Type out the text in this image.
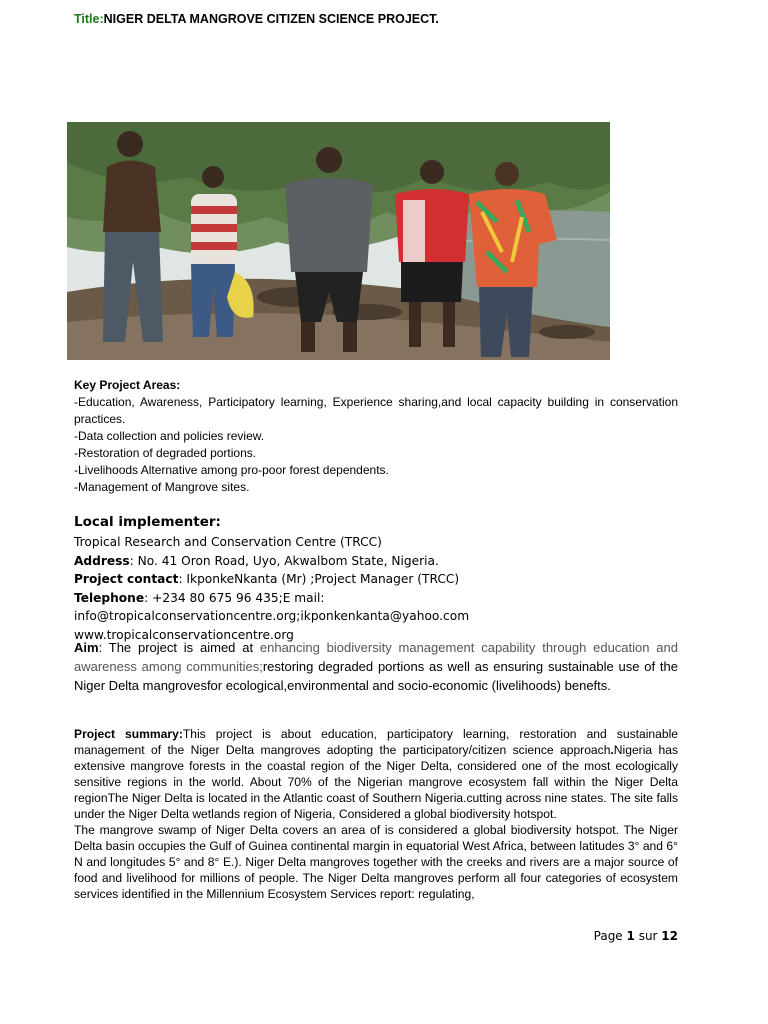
Title:NIGER DELTA MANGROVE CITIZEN SCIENCE PROJECT.
Key Project Areas:
-Education, Awareness, Participatory learning, Experience sharing,and local capacity building in conservation practices.
-Data collection and policies review.
-Restoration of degraded portions.
-Livelihoods Alternative among pro-poor forest dependents.
-Management of Mangrove sites.
Local implementer:
Tropical Research and Conservation Centre (TRCC)
Address: No. 41 Oron Road, Uyo, Akwalbom State, Nigeria.
Project contact: IkponkeNkanta (Mr) ;Project Manager (TRCC)
Telephone: +234 80 675 96 435;E mail: info@tropicalconservationcentre.org;ikponkenkanta@yahoo.com
www.tropicalconservationcentre.org
Aim: The project is aimed at enhancing biodiversity management capability through education and awareness among communities;restoring degraded portions as well as ensuring sustainable use of the Niger Delta mangrovesfor ecological,environmental and socio-economic (livelihoods) benefts.
Project summary:This project is about education, participatory learning, restoration and sustainable management of the Niger Delta mangroves adopting the participatory/citizen science approach.Nigeria has extensive mangrove forests in the coastal region of the Niger Delta, considered one of the most ecologically sensitive regions in the world. About 70% of the Nigerian mangrove ecosystem fall within the Niger Delta regionThe Niger Delta is located in the Atlantic coast of Southern Nigeria.cutting across nine states. The site falls under the Niger Delta wetlands region of Nigeria, Considered a global biodiversity hotspot.
The mangrove swamp of Niger Delta covers an area of is considered a global biodiversity hotspot. The Niger Delta basin occupies the Gulf of Guinea continental margin in equatorial West Africa, between latitudes 3° and 6° N and longitudes 5° and 8° E.). Niger Delta mangroves together with the creeks and rivers are a major source of food and livelihood for millions of people. The Niger Delta mangroves perform all four categories of ecosystem services identified in the Millennium Ecosystem Services report: regulating,
Page 1 sur 12
